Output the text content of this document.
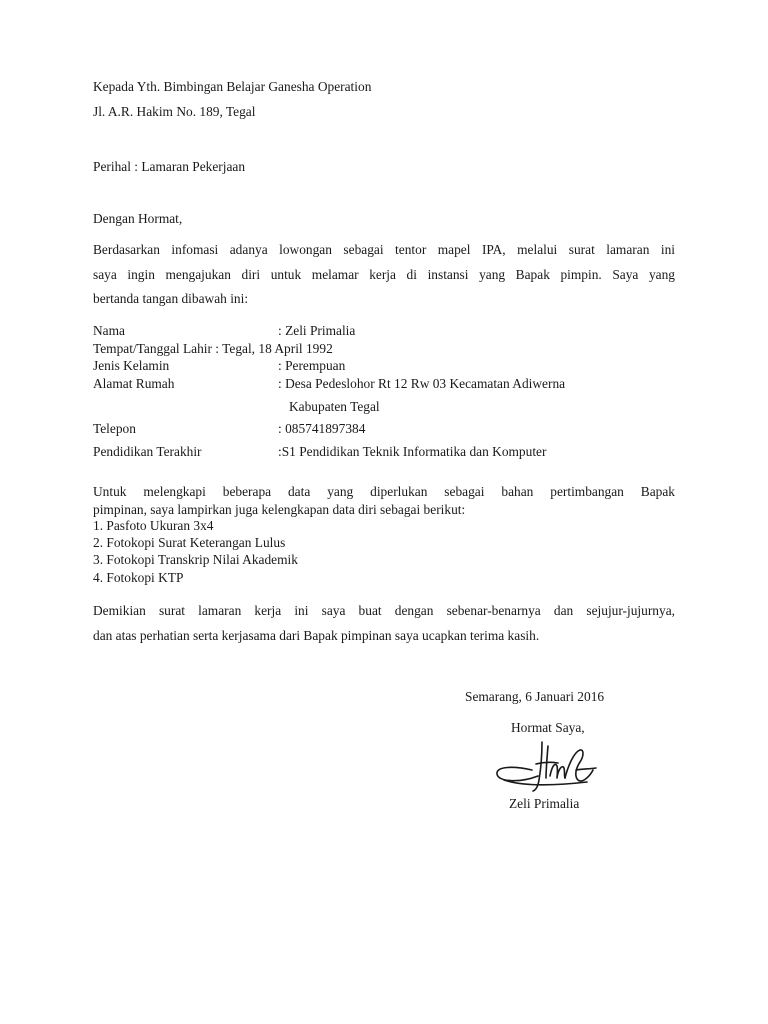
Kepada Yth. Bimbingan Belajar Ganesha Operation
Jl. A.R. Hakim No. 189, Tegal
Perihal : Lamaran Pekerjaan
Dengan Hormat,
Berdasarkan infomasi adanya lowongan sebagai tentor mapel IPA, melalui surat lamaran ini
saya ingin mengajukan diri untuk melamar kerja di instansi yang Bapak pimpin. Saya yang
bertanda tangan dibawah ini:
Nama	: Zeli Primalia
Tempat/Tanggal Lahir : Tegal, 18 April 1992
Jenis Kelamin	: Perempuan
Alamat Rumah	: Desa Pedeslohor Rt 12 Rw 03 Kecamatan Adiwerna
Kabupaten Tegal
Telepon	: 085741897384
Pendidikan Terakhir	:S1 Pendidikan Teknik Informatika dan Komputer
Untuk melengkapi beberapa data yang diperlukan sebagai bahan pertimbangan Bapak
pimpinan, saya lampirkan juga kelengkapan data diri sebagai berikut:
1. Pasfoto Ukuran 3x4
2. Fotokopi Surat Keterangan Lulus
3. Fotokopi Transkrip Nilai Akademik
4. Fotokopi KTP
Demikian surat lamaran kerja ini saya buat dengan sebenar-benarnya dan sejujur-jujurnya,
dan atas perhatian serta kerjasama dari Bapak pimpinan saya ucapkan terima kasih.
Semarang, 6 Januari 2016
Hormat Saya,
Zeli Primalia
